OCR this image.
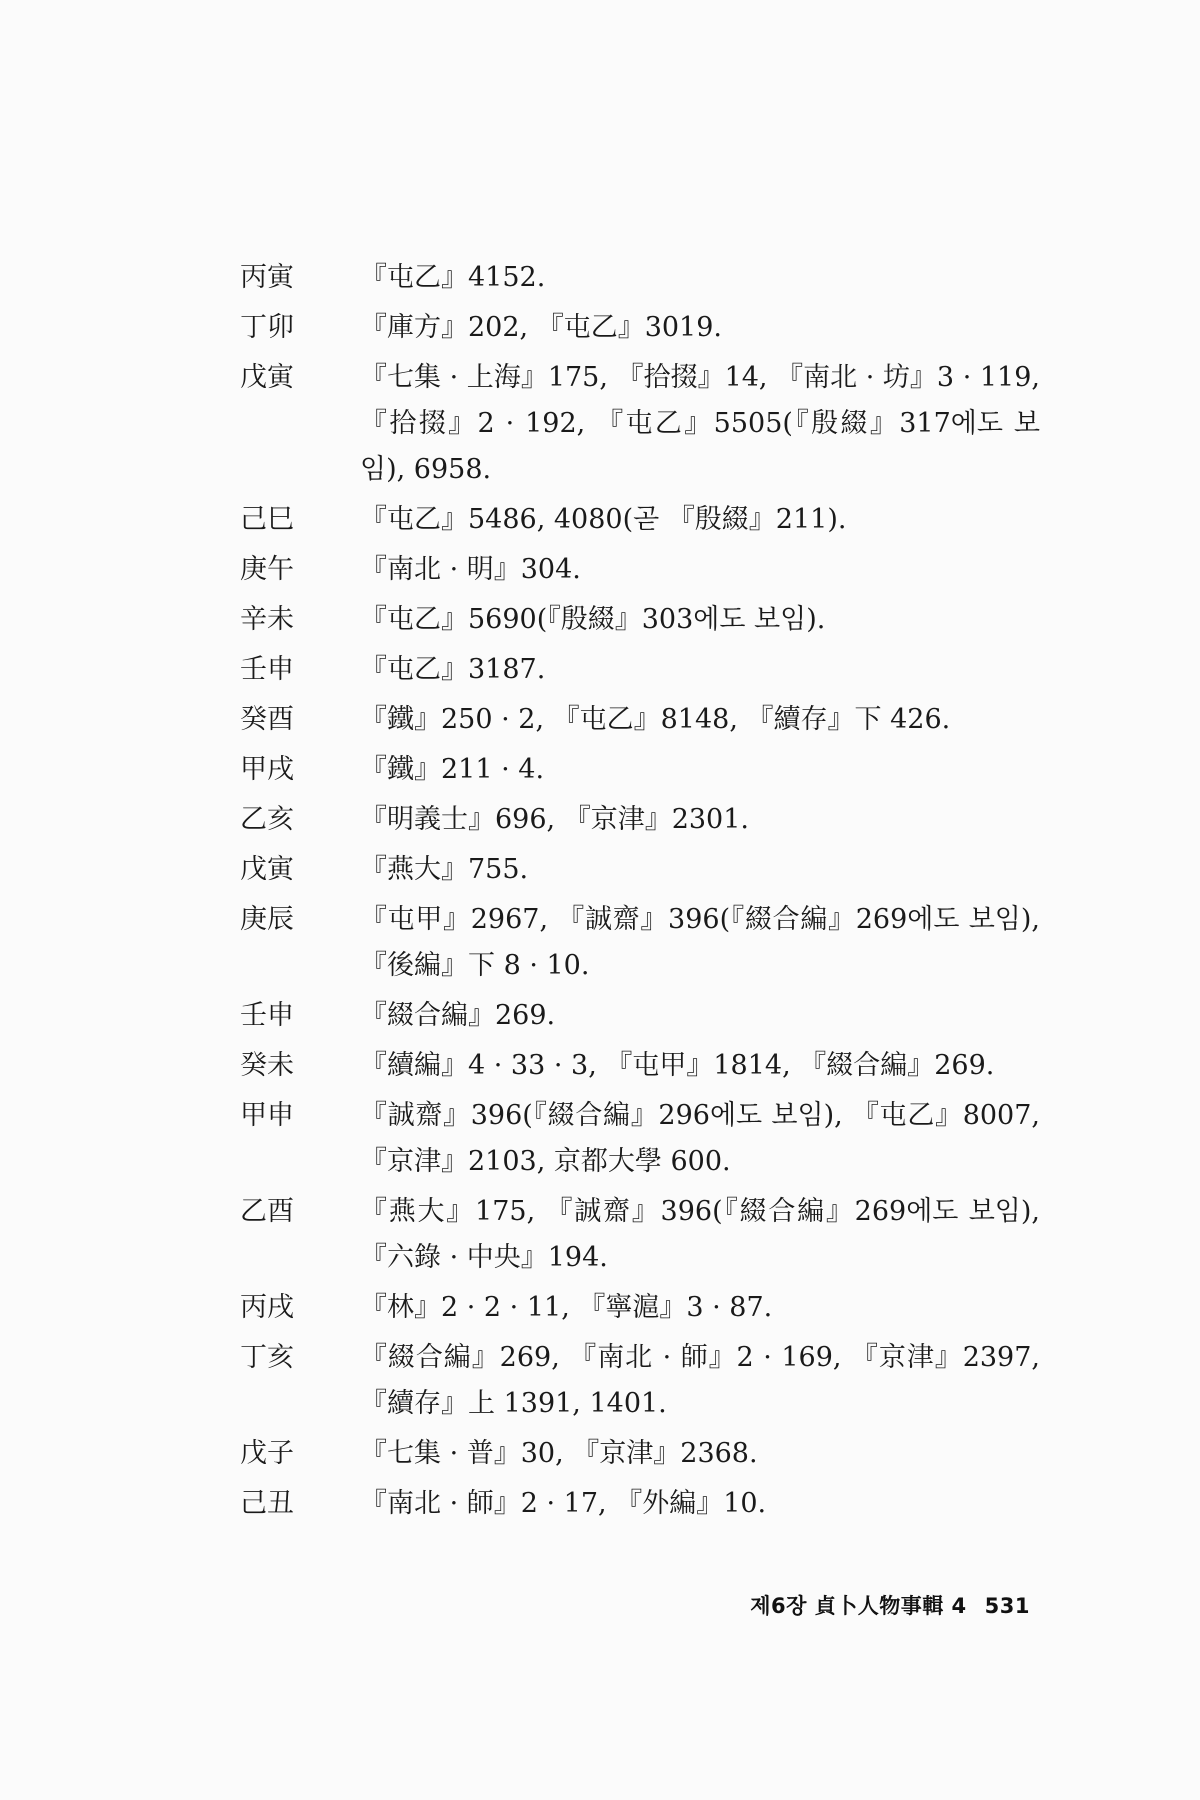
丙寅	『屯乙』4152.
丁卯	『庫方』202, 『屯乙』3019.
戊寅	『七集 · 上海』175, 『拾掇』14, 『南北 · 坊』3 · 119, 『拾掇』2 · 192, 『屯乙』5505(『殷綴』317에도 보임), 6958.
己巳	『屯乙』5486, 4080(곧 『殷綴』211).
庚午	『南北 · 明』304.
辛未	『屯乙』5690(『殷綴』303에도 보임).
壬申	『屯乙』3187.
癸酉	『鐵』250 · 2, 『屯乙』8148, 『續存』下 426.
甲戌	『鐵』211 · 4.
乙亥	『明義士』696, 『京津』2301.
戊寅	『燕大』755.
庚辰	『屯甲』2967, 『誠齋』396(『綴合編』269에도 보임), 『後編』下 8 · 10.
壬申	『綴合編』269.
癸未	『續編』4 · 33 · 3, 『屯甲』1814, 『綴合編』269.
甲申	『誠齋』396(『綴合編』296에도 보임), 『屯乙』8007, 『京津』2103, 京都大學 600.
乙酉	『燕大』175, 『誠齋』396(『綴合編』269에도 보임), 『六錄 · 中央』194.
丙戌	『林』2 · 2 · 11, 『寧滬』3 · 87.
丁亥	『綴合編』269, 『南北 · 師』2 · 169, 『京津』2397, 『續存』上 1391, 1401.
戊子	『七集 · 普』30, 『京津』2368.
己丑	『南北 · 師』2 · 17, 『外編』10.
제6장 貞卜人物事輯 4 531
